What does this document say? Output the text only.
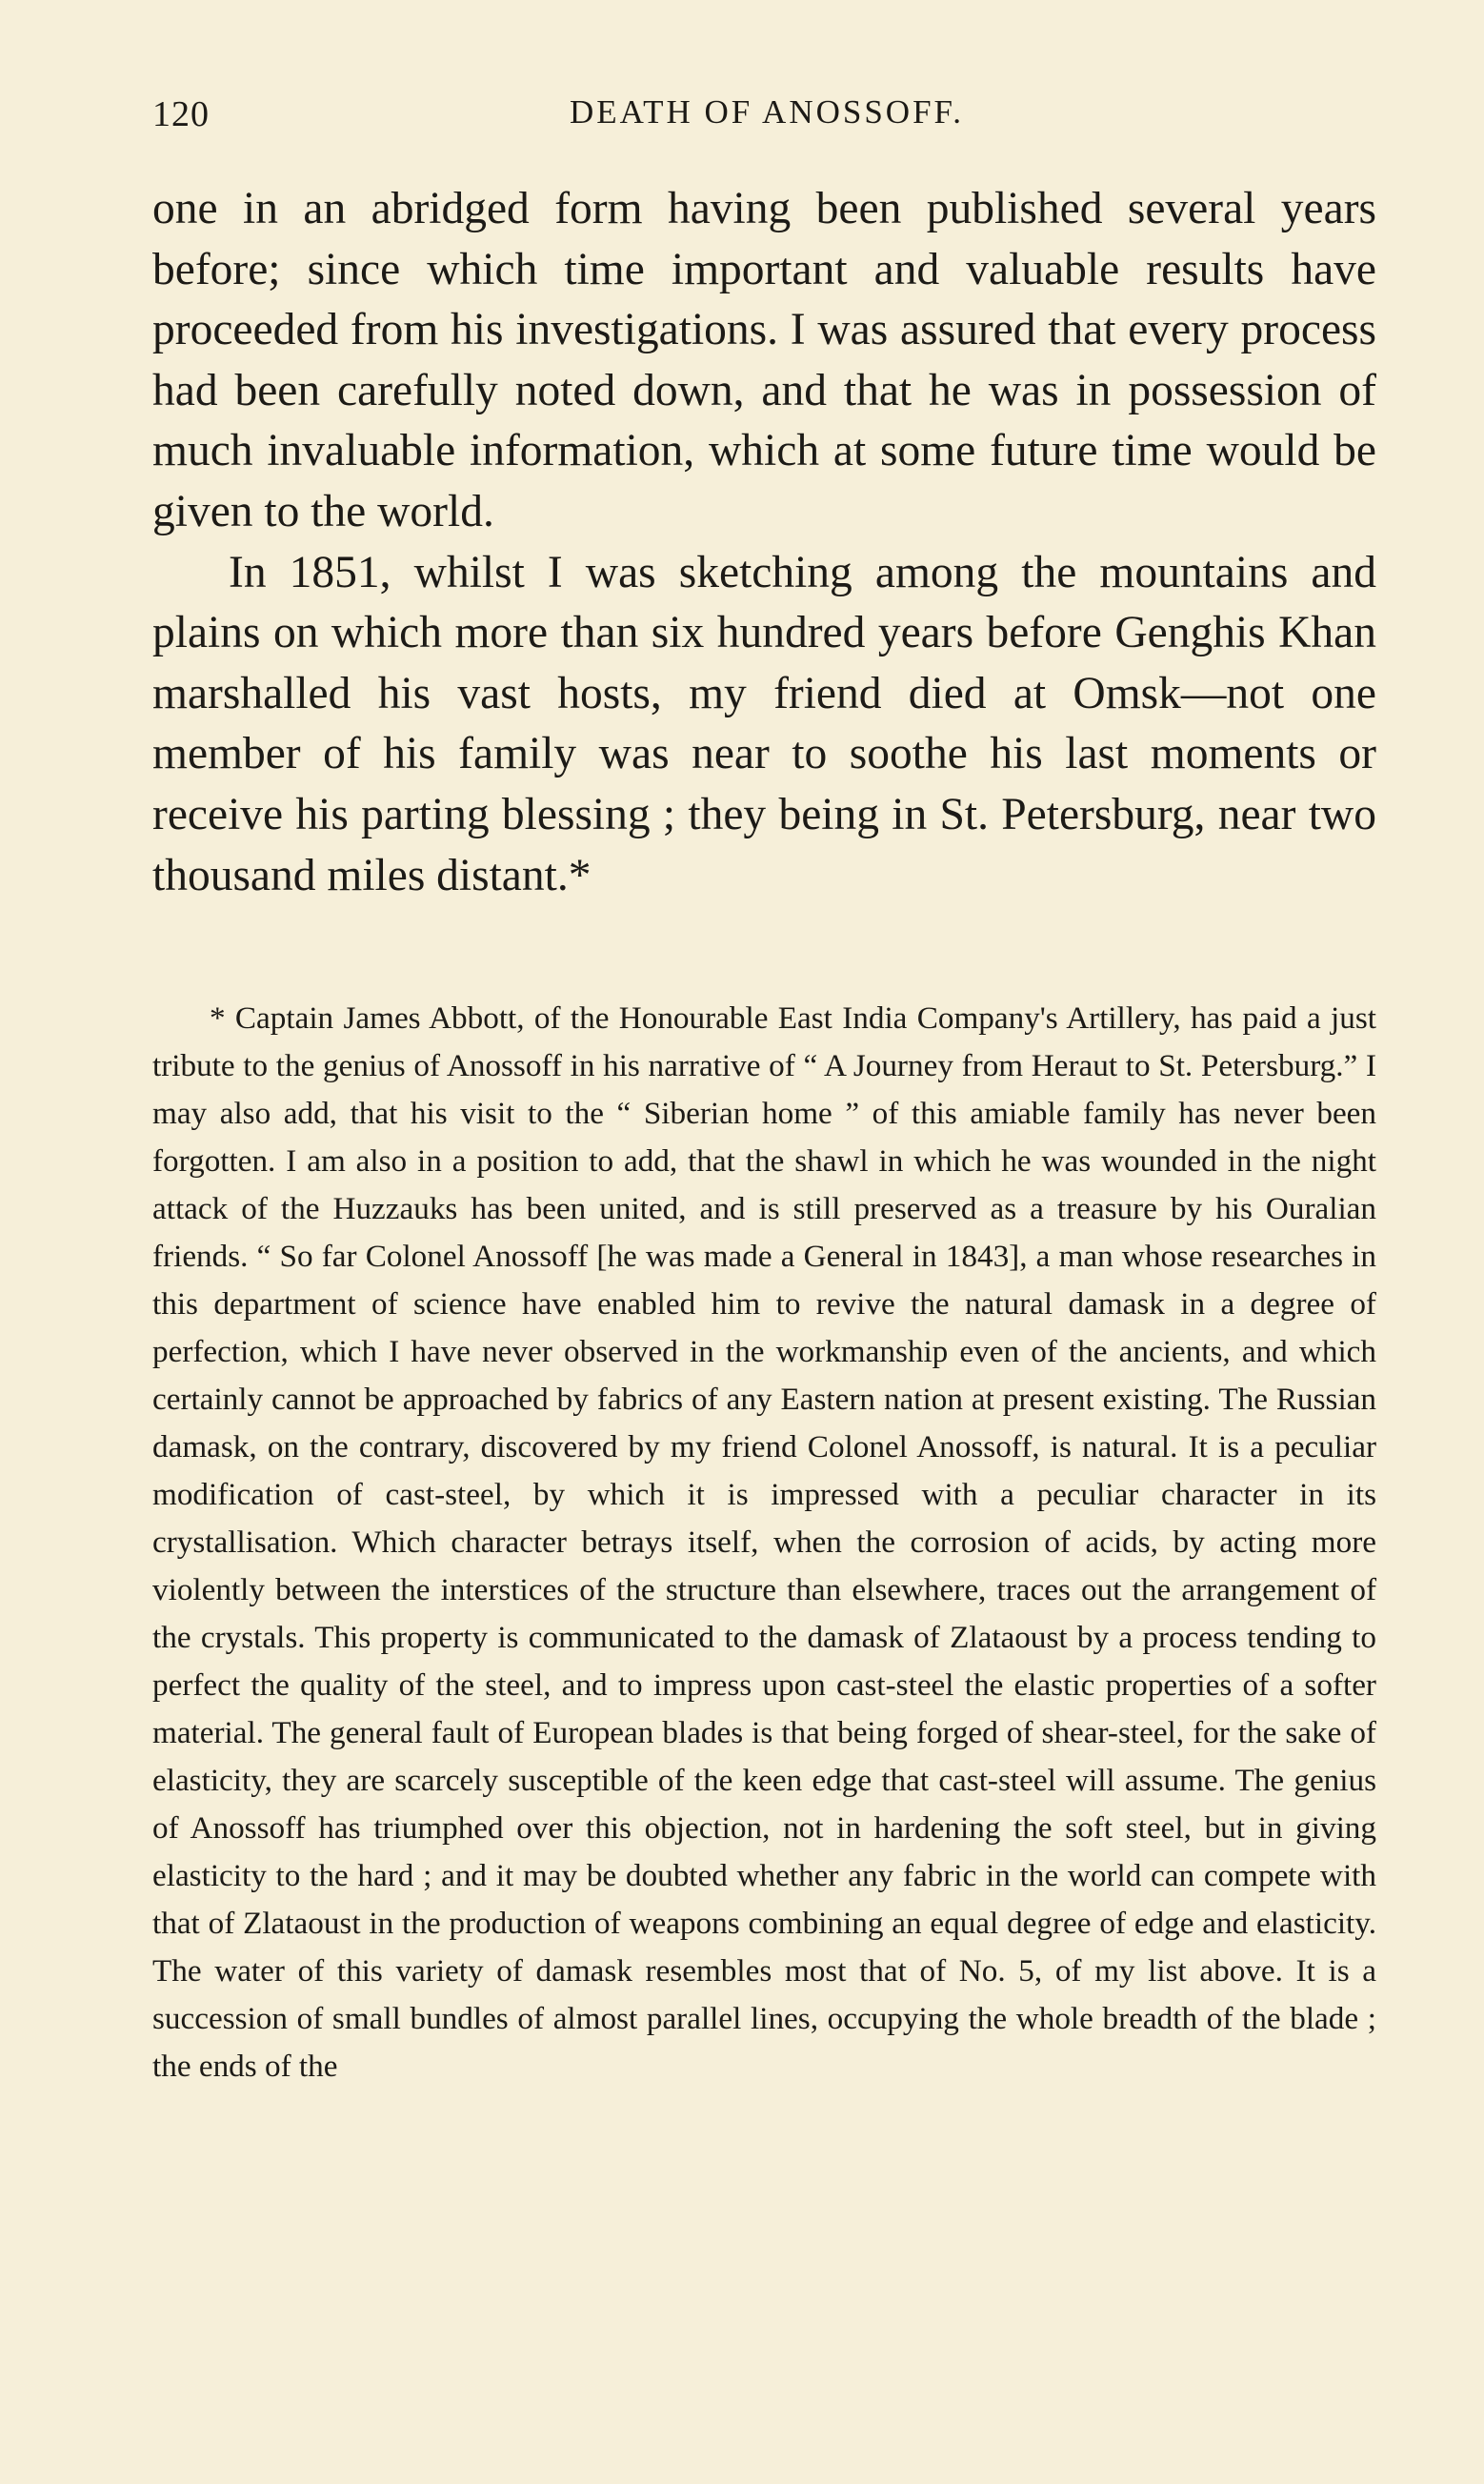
120	DEATH OF ANOSSOFF.

one in an abridged form having been published several years before; since which time important and valuable results have proceeded from his investigations. I was assured that every process had been carefully noted down, and that he was in possession of much invaluable information, which at some future time would be given to the world.

In 1851, whilst I was sketching among the mountains and plains on which more than six hundred years before Genghis Khan marshalled his vast hosts, my friend died at Omsk—not one member of his family was near to soothe his last moments or receive his parting blessing ; they being in St. Petersburg, near two thousand miles distant.*

* Captain James Abbott, of the Honourable East India Company's Artillery, has paid a just tribute to the genius of Anossoff in his narrative of “ A Journey from Heraut to St. Petersburg.” I may also add, that his visit to the “ Siberian home ” of this amiable family has never been forgotten. I am also in a position to add, that the shawl in which he was wounded in the night attack of the Huzzauks has been united, and is still preserved as a treasure by his Ouralian friends. “ So far Colonel Anossoff [he was made a General in 1843], a man whose researches in this department of science have enabled him to revive the natural damask in a degree of perfection, which I have never observed in the workmanship even of the ancients, and which certainly cannot be approached by fabrics of any Eastern nation at present existing. The Russian damask, on the contrary, discovered by my friend Colonel Anossoff, is natural. It is a peculiar modification of cast-steel, by which it is impressed with a peculiar character in its crystallisation. Which character betrays itself, when the corrosion of acids, by acting more violently between the interstices of the structure than elsewhere, traces out the arrangement of the crystals. This property is communicated to the damask of Zlataoust by a process tending to perfect the quality of the steel, and to impress upon cast-steel the elastic properties of a softer material. The general fault of European blades is that being forged of shear-steel, for the sake of elasticity, they are scarcely susceptible of the keen edge that cast-steel will assume. The genius of Anossoff has triumphed over this objection, not in hardening the soft steel, but in giving elasticity to the hard ; and it may be doubted whether any fabric in the world can compete with that of Zlataoust in the production of weapons combining an equal degree of edge and elasticity. The water of this variety of damask resembles most that of No. 5, of my list above. It is a succession of small bundles of almost parallel lines, occupying the whole breadth of the blade ; the ends of the
